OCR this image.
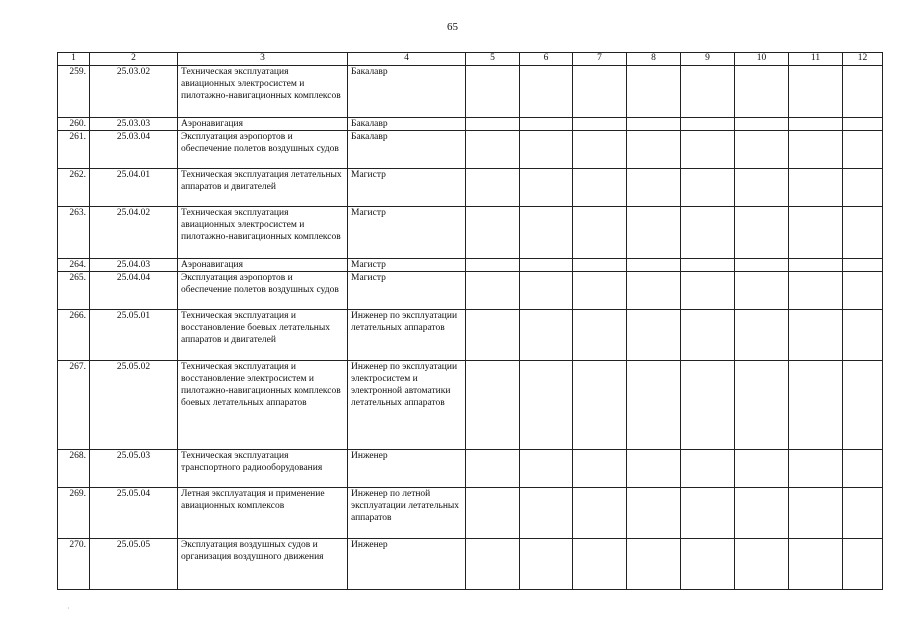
65
1	2	3	4	5	6	7	8	9	10	11	12
259.	25.03.02	Техническая эксплуатация авиационных электросистем и пилотажно-навигационных комплексов	Бакалавр								
260.	25.03.03	Аэронавигация	Бакалавр								
261.	25.03.04	Эксплуатация аэропортов и обеспечение полетов воздушных судов	Бакалавр								
262.	25.04.01	Техническая эксплуатация летательных аппаратов и двигателей	Магистр								
263.	25.04.02	Техническая эксплуатация авиационных электросистем и пилотажно-навигационных комплексов	Магистр								
264.	25.04.03	Аэронавигация	Магистр								
265.	25.04.04	Эксплуатация аэропортов и обеспечение полетов воздушных судов	Магистр								
266.	25.05.01	Техническая эксплуатация и восстановление боевых летательных аппаратов и двигателей	Инженер по эксплуатации летательных аппаратов								
267.	25.05.02	Техническая эксплуатация и восстановление электросистем и пилотажно-навигационных комплексов боевых летательных аппаратов	Инженер по эксплуатации электросистем и электронной автоматики летательных аппаратов								
268.	25.05.03	Техническая эксплуатация транспортного радиооборудования	Инженер								
269.	25.05.04	Летная эксплуатация и применение авиационных комплексов	Инженер по летной эксплуатации летательных аппаратов								
270.	25.05.05	Эксплуатация воздушных судов и организация воздушного движения	Инженер								
·
